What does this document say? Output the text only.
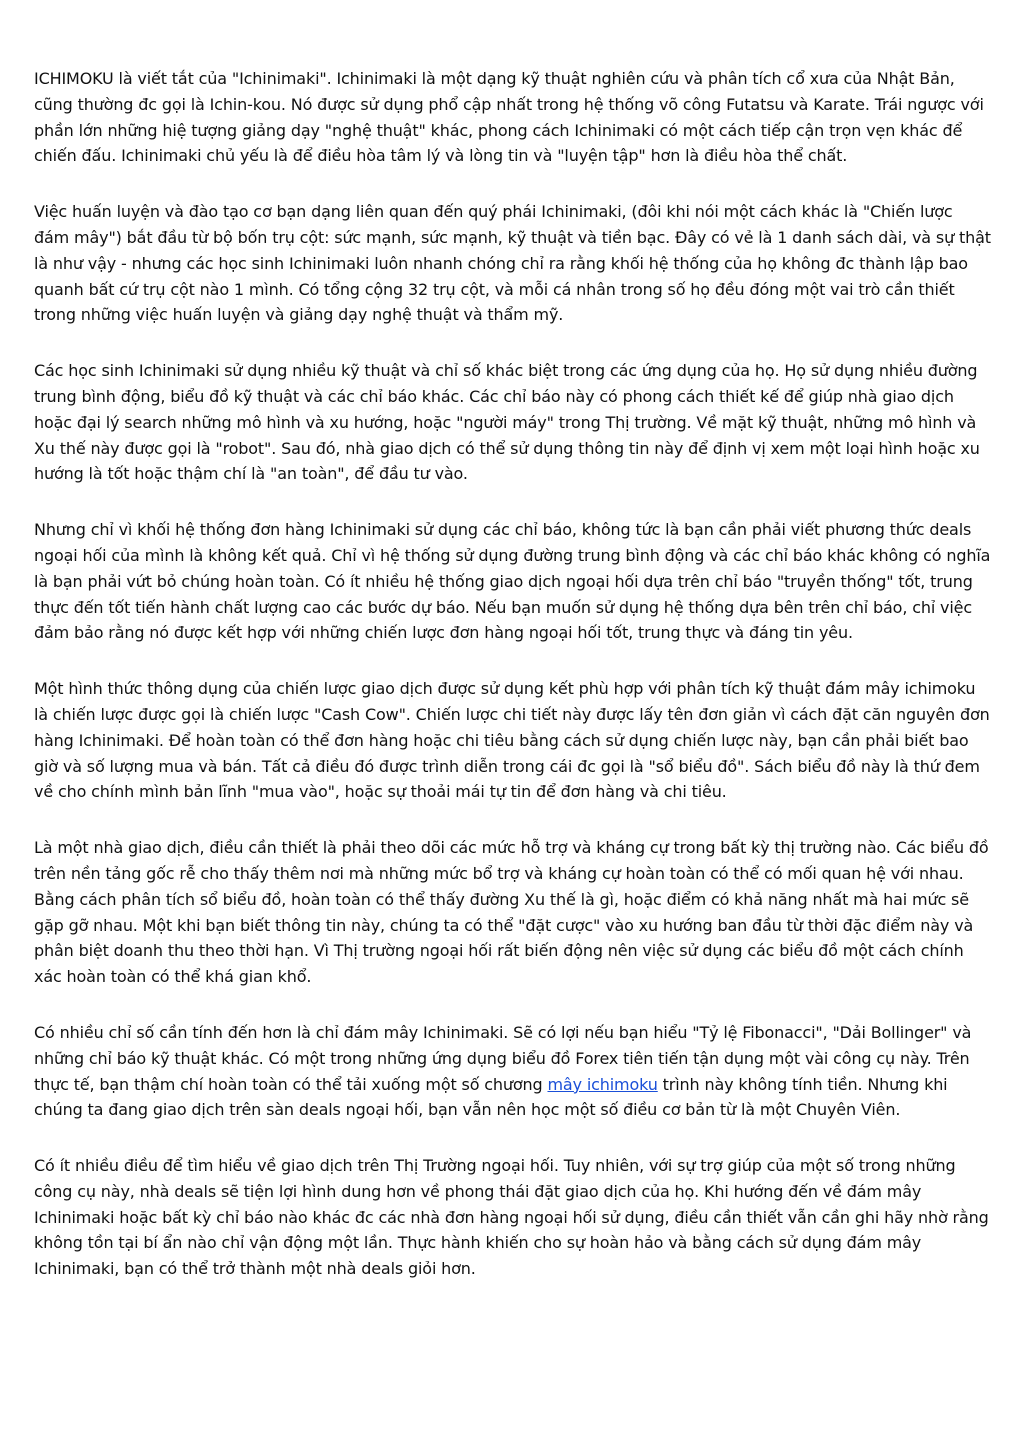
ICHIMOKU là viết tắt của "Ichinimaki". Ichinimaki là một dạng kỹ thuật nghiên cứu và phân tích cổ xưa của Nhật Bản, cũng thường đc gọi là Ichin-kou. Nó được sử dụng phổ cập nhất trong hệ thống võ công Futatsu và Karate. Trái ngược với phần lớn những hiệ tượng giảng dạy "nghệ thuật" khác, phong cách Ichinimaki có một cách tiếp cận trọn vẹn khác để chiến đấu. Ichinimaki chủ yếu là để điều hòa tâm lý và lòng tin và "luyện tập" hơn là điều hòa thể chất.

Việc huấn luyện và đào tạo cơ bạn dạng liên quan đến quý phái Ichinimaki, (đôi khi nói một cách khác là "Chiến lược đám mây") bắt đầu từ bộ bốn trụ cột: sức mạnh, sức mạnh, kỹ thuật và tiền bạc. Đây có vẻ là 1 danh sách dài, và sự thật là như vậy - nhưng các học sinh Ichinimaki luôn nhanh chóng chỉ ra rằng khối hệ thống của họ không đc thành lập bao quanh bất cứ trụ cột nào 1 mình. Có tổng cộng 32 trụ cột, và mỗi cá nhân trong số họ đều đóng một vai trò cần thiết trong những việc huấn luyện và giảng dạy nghệ thuật và thẩm mỹ.

Các học sinh Ichinimaki sử dụng nhiều kỹ thuật và chỉ số khác biệt trong các ứng dụng của họ. Họ sử dụng nhiều đường trung bình động, biểu đồ kỹ thuật và các chỉ báo khác. Các chỉ báo này có phong cách thiết kế để giúp nhà giao dịch hoặc đại lý search những mô hình và xu hướng, hoặc "người máy" trong Thị trường. Về mặt kỹ thuật, những mô hình và Xu thế này được gọi là "robot". Sau đó, nhà giao dịch có thể sử dụng thông tin này để định vị xem một loại hình hoặc xu hướng là tốt hoặc thậm chí là "an toàn", để đầu tư vào.

Nhưng chỉ vì khối hệ thống đơn hàng Ichinimaki sử dụng các chỉ báo, không tức là bạn cần phải viết phương thức deals ngoại hối của mình là không kết quả. Chỉ vì hệ thống sử dụng đường trung bình động và các chỉ báo khác không có nghĩa là bạn phải vứt bỏ chúng hoàn toàn. Có ít nhiều hệ thống giao dịch ngoại hối dựa trên chỉ báo "truyền thống" tốt, trung thực đến tốt tiến hành chất lượng cao các bước dự báo. Nếu bạn muốn sử dụng hệ thống dựa bên trên chỉ báo, chỉ việc đảm bảo rằng nó được kết hợp với những chiến lược đơn hàng ngoại hối tốt, trung thực và đáng tin yêu.

Một hình thức thông dụng của chiến lược giao dịch được sử dụng kết phù hợp với phân tích kỹ thuật đám mây ichimoku là chiến lược được gọi là chiến lược "Cash Cow". Chiến lược chi tiết này được lấy tên đơn giản vì cách đặt căn nguyên đơn hàng Ichinimaki. Để hoàn toàn có thể đơn hàng hoặc chi tiêu bằng cách sử dụng chiến lược này, bạn cần phải biết bao giờ và số lượng mua và bán. Tất cả điều đó được trình diễn trong cái đc gọi là "sổ biểu đồ". Sách biểu đồ này là thứ đem về cho chính mình bản lĩnh "mua vào", hoặc sự thoải mái tự tin để đơn hàng và chi tiêu.

Là một nhà giao dịch, điều cần thiết là phải theo dõi các mức hỗ trợ và kháng cự trong bất kỳ thị trường nào. Các biểu đồ trên nền tảng gốc rễ cho thấy thêm nơi mà những mức bổ trợ và kháng cự hoàn toàn có thể có mối quan hệ với nhau. Bằng cách phân tích sổ biểu đồ, hoàn toàn có thể thấy đường Xu thế là gì, hoặc điểm có khả năng nhất mà hai mức sẽ gặp gỡ nhau. Một khi bạn biết thông tin này, chúng ta có thể "đặt cược" vào xu hướng ban đầu từ thời đặc điểm này và phân biệt doanh thu theo thời hạn. Vì Thị trường ngoại hối rất biến động nên việc sử dụng các biểu đồ một cách chính xác hoàn toàn có thể khá gian khổ.

Có nhiều chỉ số cần tính đến hơn là chỉ đám mây Ichinimaki. Sẽ có lợi nếu bạn hiểu "Tỷ lệ Fibonacci", "Dải Bollinger" và những chỉ báo kỹ thuật khác. Có một trong những ứng dụng biểu đồ Forex tiên tiến tận dụng một vài công cụ này. Trên thực tế, bạn thậm chí hoàn toàn có thể tải xuống một số chương mây ichimoku trình này không tính tiền. Nhưng khi chúng ta đang giao dịch trên sàn deals ngoại hối, bạn vẫn nên học một số điều cơ bản từ là một Chuyên Viên.

Có ít nhiều điều để tìm hiểu về giao dịch trên Thị Trường ngoại hối. Tuy nhiên, với sự trợ giúp của một số trong những công cụ này, nhà deals sẽ tiện lợi hình dung hơn về phong thái đặt giao dịch của họ. Khi hướng đến về đám mây Ichinimaki hoặc bất kỳ chỉ báo nào khác đc các nhà đơn hàng ngoại hối sử dụng, điều cần thiết vẫn cần ghi hãy nhờ rằng không tồn tại bí ẩn nào chỉ vận động một lần. Thực hành khiến cho sự hoàn hảo và bằng cách sử dụng đám mây Ichinimaki, bạn có thể trở thành một nhà deals giỏi hơn.
